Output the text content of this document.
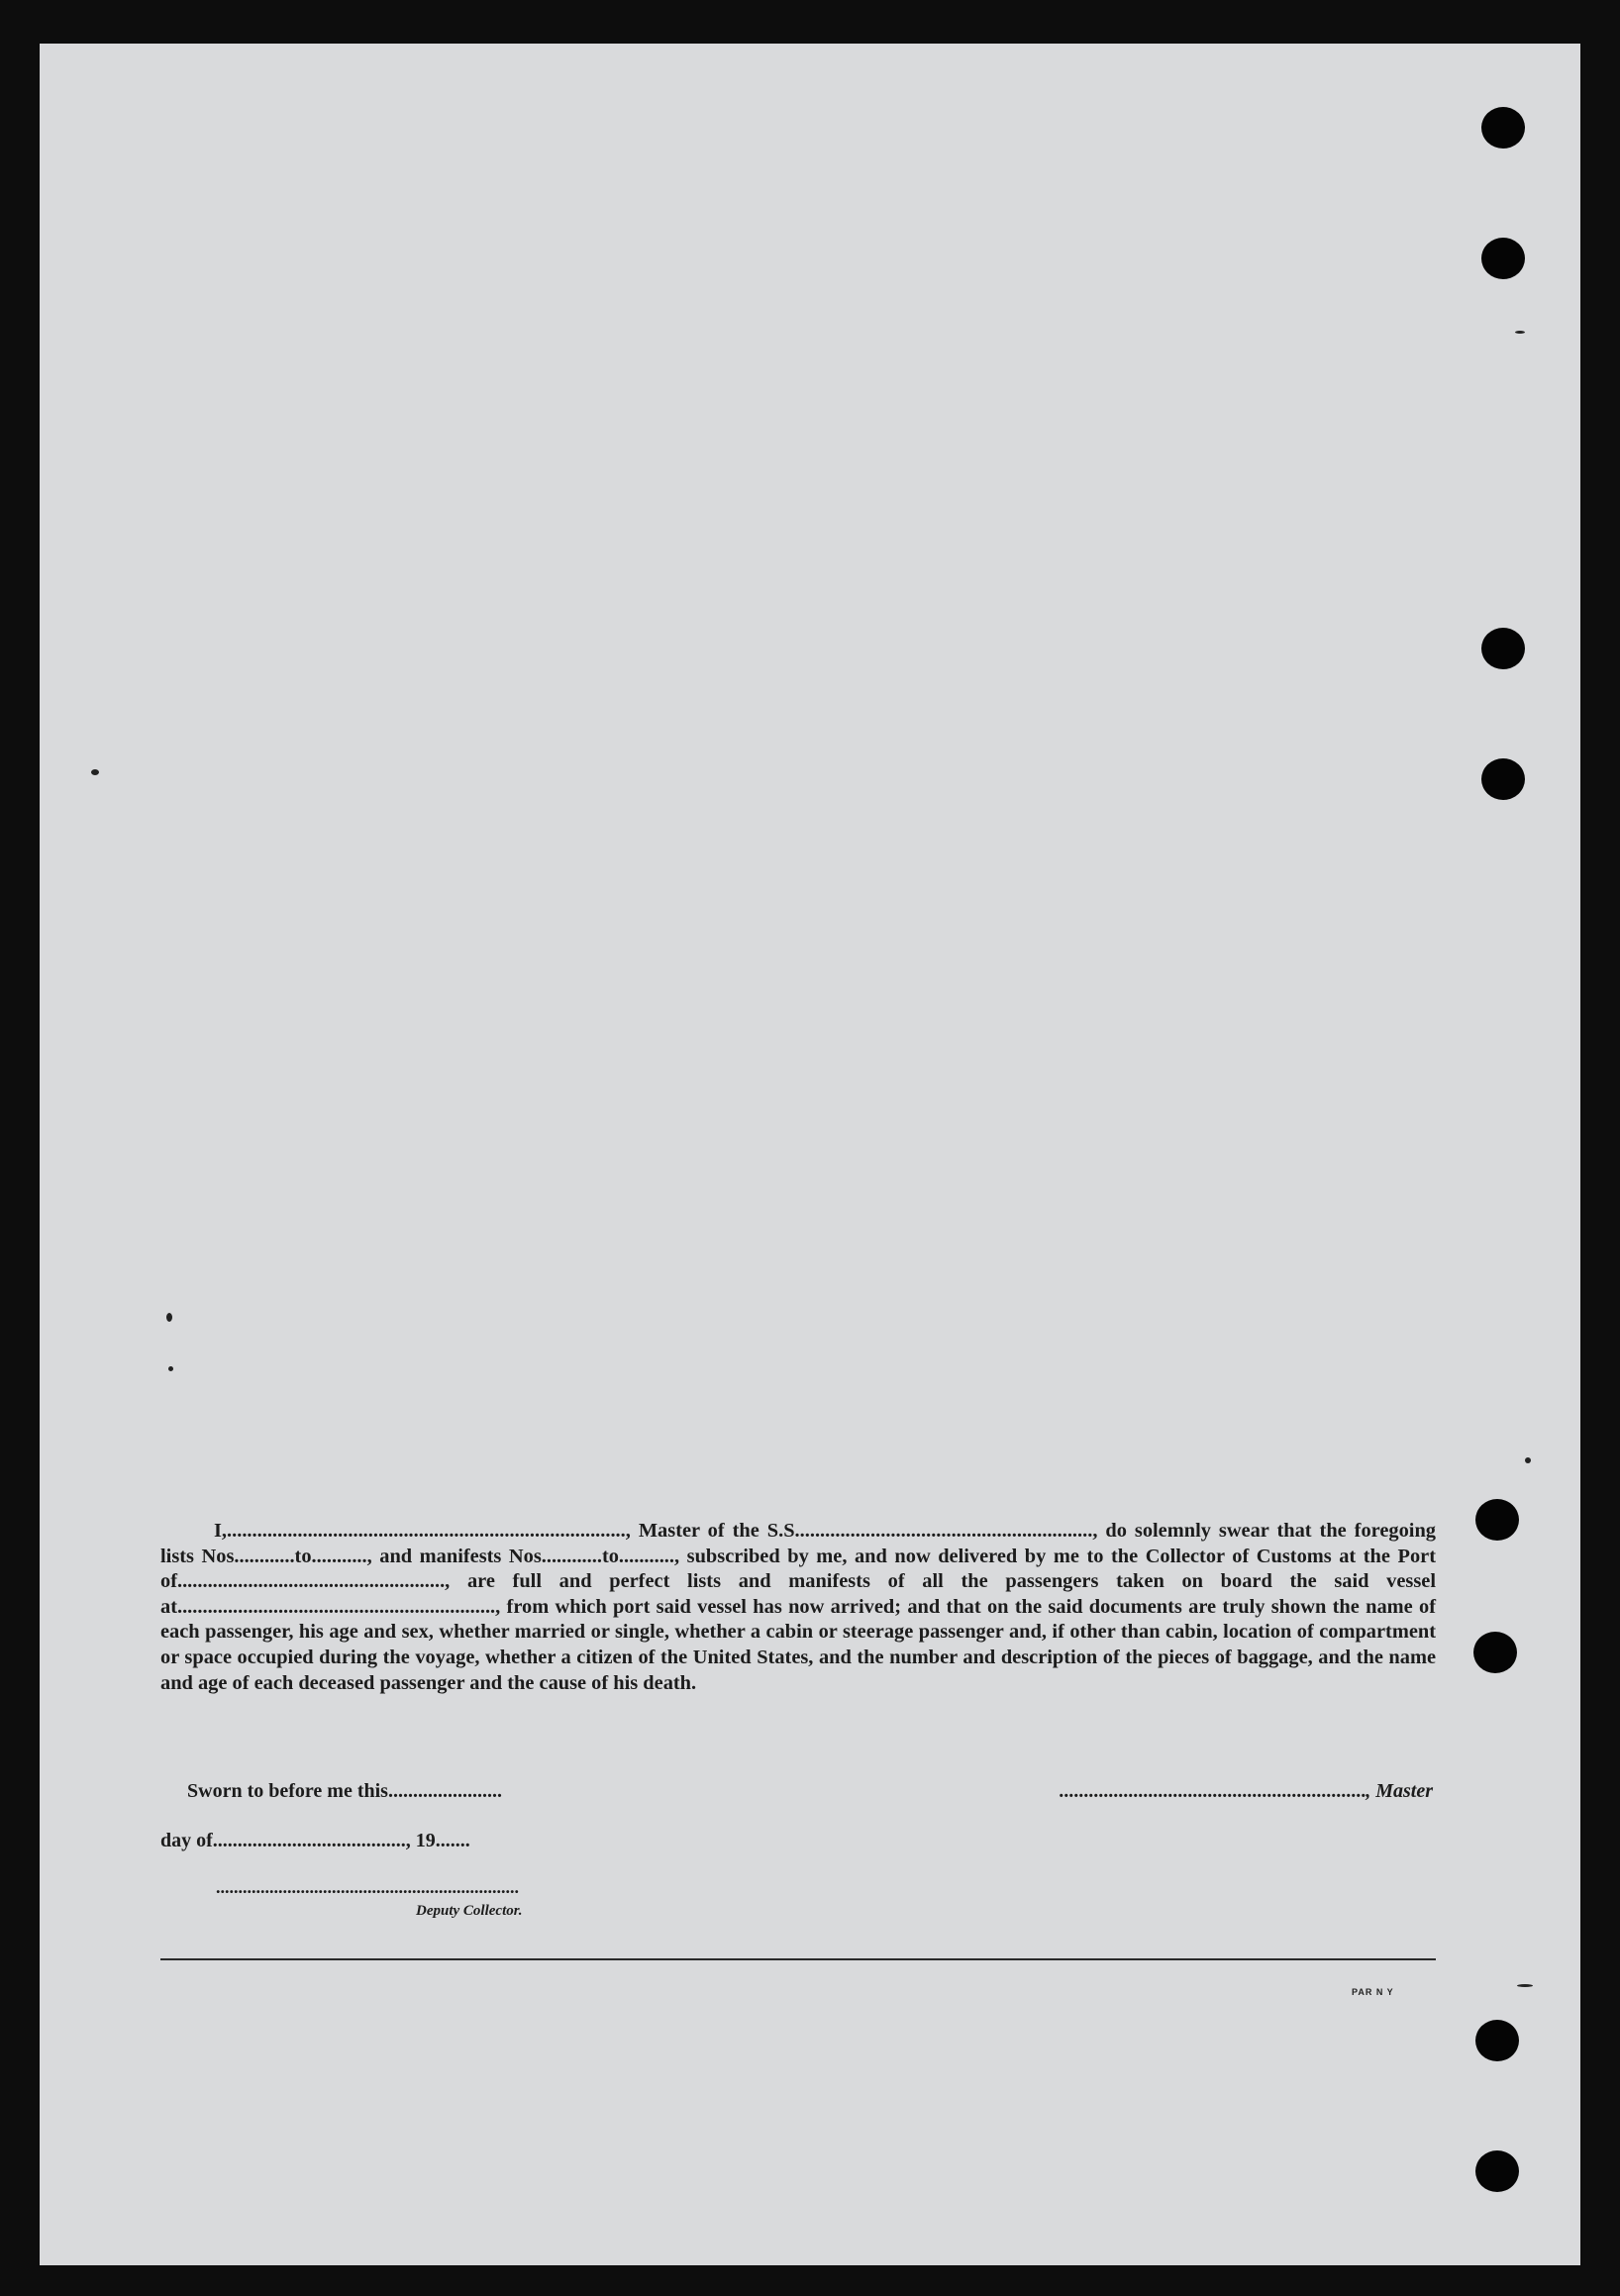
I,..............................................................................., Master of the S.S..........................................................., do solemnly swear that the foregoing lists Nos............to..........., and manifests Nos............to..........., subscribed by me, and now delivered by me to the Collector of Customs at the Port of....................................................., are full and perfect lists and manifests of all the passengers taken on board the said vessel at..............................................................., from which port said vessel has now arrived; and that on the said documents are truly shown the name of each passenger, his age and sex, whether married or single, whether a cabin or steerage passenger and, if other than cabin, location of compartment or space occupied during the voyage, whether a citizen of the United States, and the number and description of the pieces of baggage, and the name and age of each deceased passenger and the cause of his death.

Sworn to before me this.......................	.............................................................., Master
day of......................................., 19.......
....................................................................
Deputy Collector.
PAR N Y
